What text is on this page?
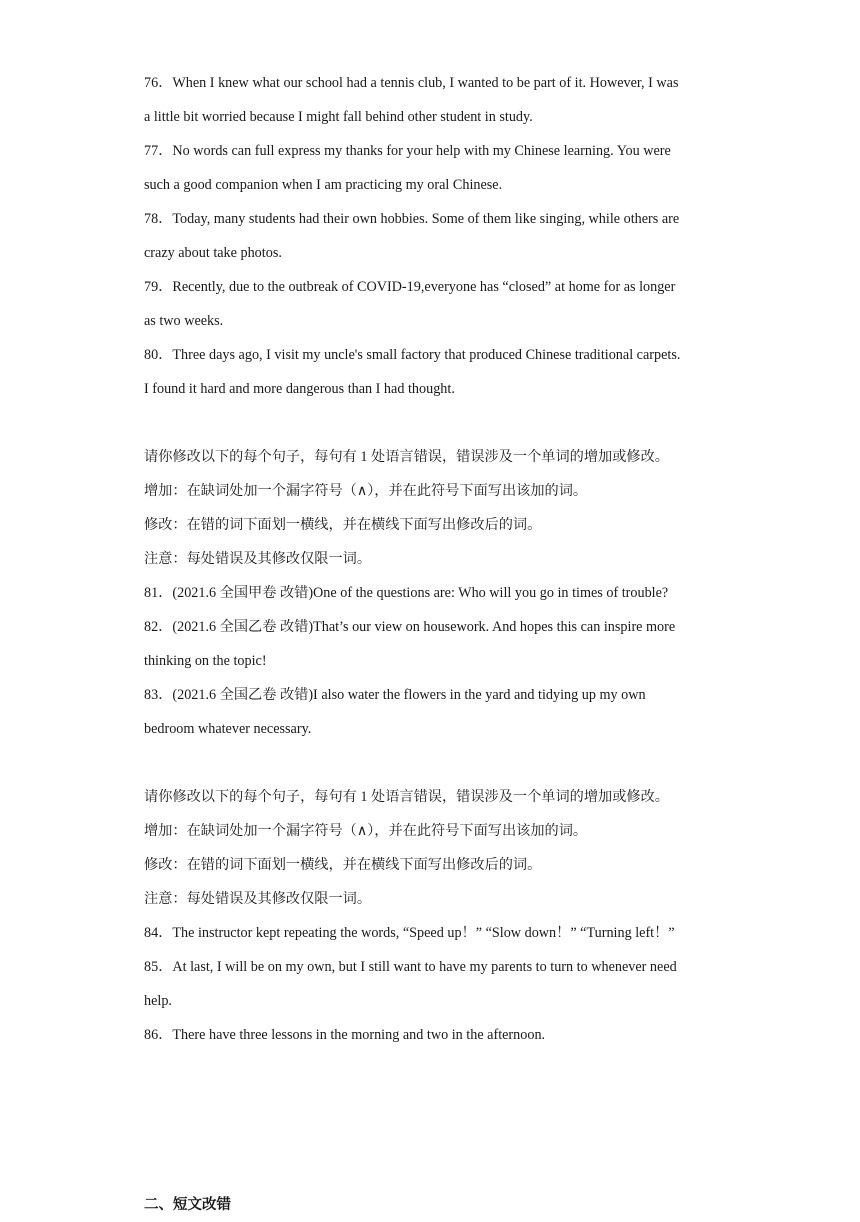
76．When I knew what our school had a tennis club, I wanted to be part of it. However, I was
a little bit worried because I might fall behind other student in study.
77．No words can full express my thanks for your help with my Chinese learning. You were
such a good companion when I am practicing my oral Chinese.
78．Today, many students had their own hobbies. Some of them like singing, while others are
crazy about take photos.
79．Recently, due to the outbreak of COVID-19,everyone has “closed” at home for as longer
as two weeks.
80．Three days ago, I visit my uncle's small factory that produced Chinese traditional carpets.
I found it hard and more dangerous than I had thought.
请你修改以下的每个句子，每句有 1 处语言错误，错误涉及一个单词的增加或修改。
增加：在缺词处加一个漏字符号（∧），并在此符号下面写出该加的词。
修改：在错的词下面划一横线，并在横线下面写出修改后的词。
注意：每处错误及其修改仅限一词。
81．(2021.6 全国甲卷 改错)One of the questions are: Who will you go in times of trouble?
82．(2021.6 全国乙卷 改错)That’s our view on housework. And hopes this can inspire more
thinking on the topic!
83．(2021.6 全国乙卷 改错)I also water the flowers in the yard and tidying up my own
bedroom whatever necessary.
请你修改以下的每个句子，每句有 1 处语言错误，错误涉及一个单词的增加或修改。
增加：在缺词处加一个漏字符号（∧），并在此符号下面写出该加的词。
修改：在错的词下面划一横线，并在横线下面写出修改后的词。
注意：每处错误及其修改仅限一词。
84．The instructor kept repeating the words, “Speed up！” “Slow down！” “Turning left！”
85．At last, I will be on my own, but I still want to have my parents to turn to whenever need
help.
86．There have three lessons in the morning and two in the afternoon.
二、短文改错
